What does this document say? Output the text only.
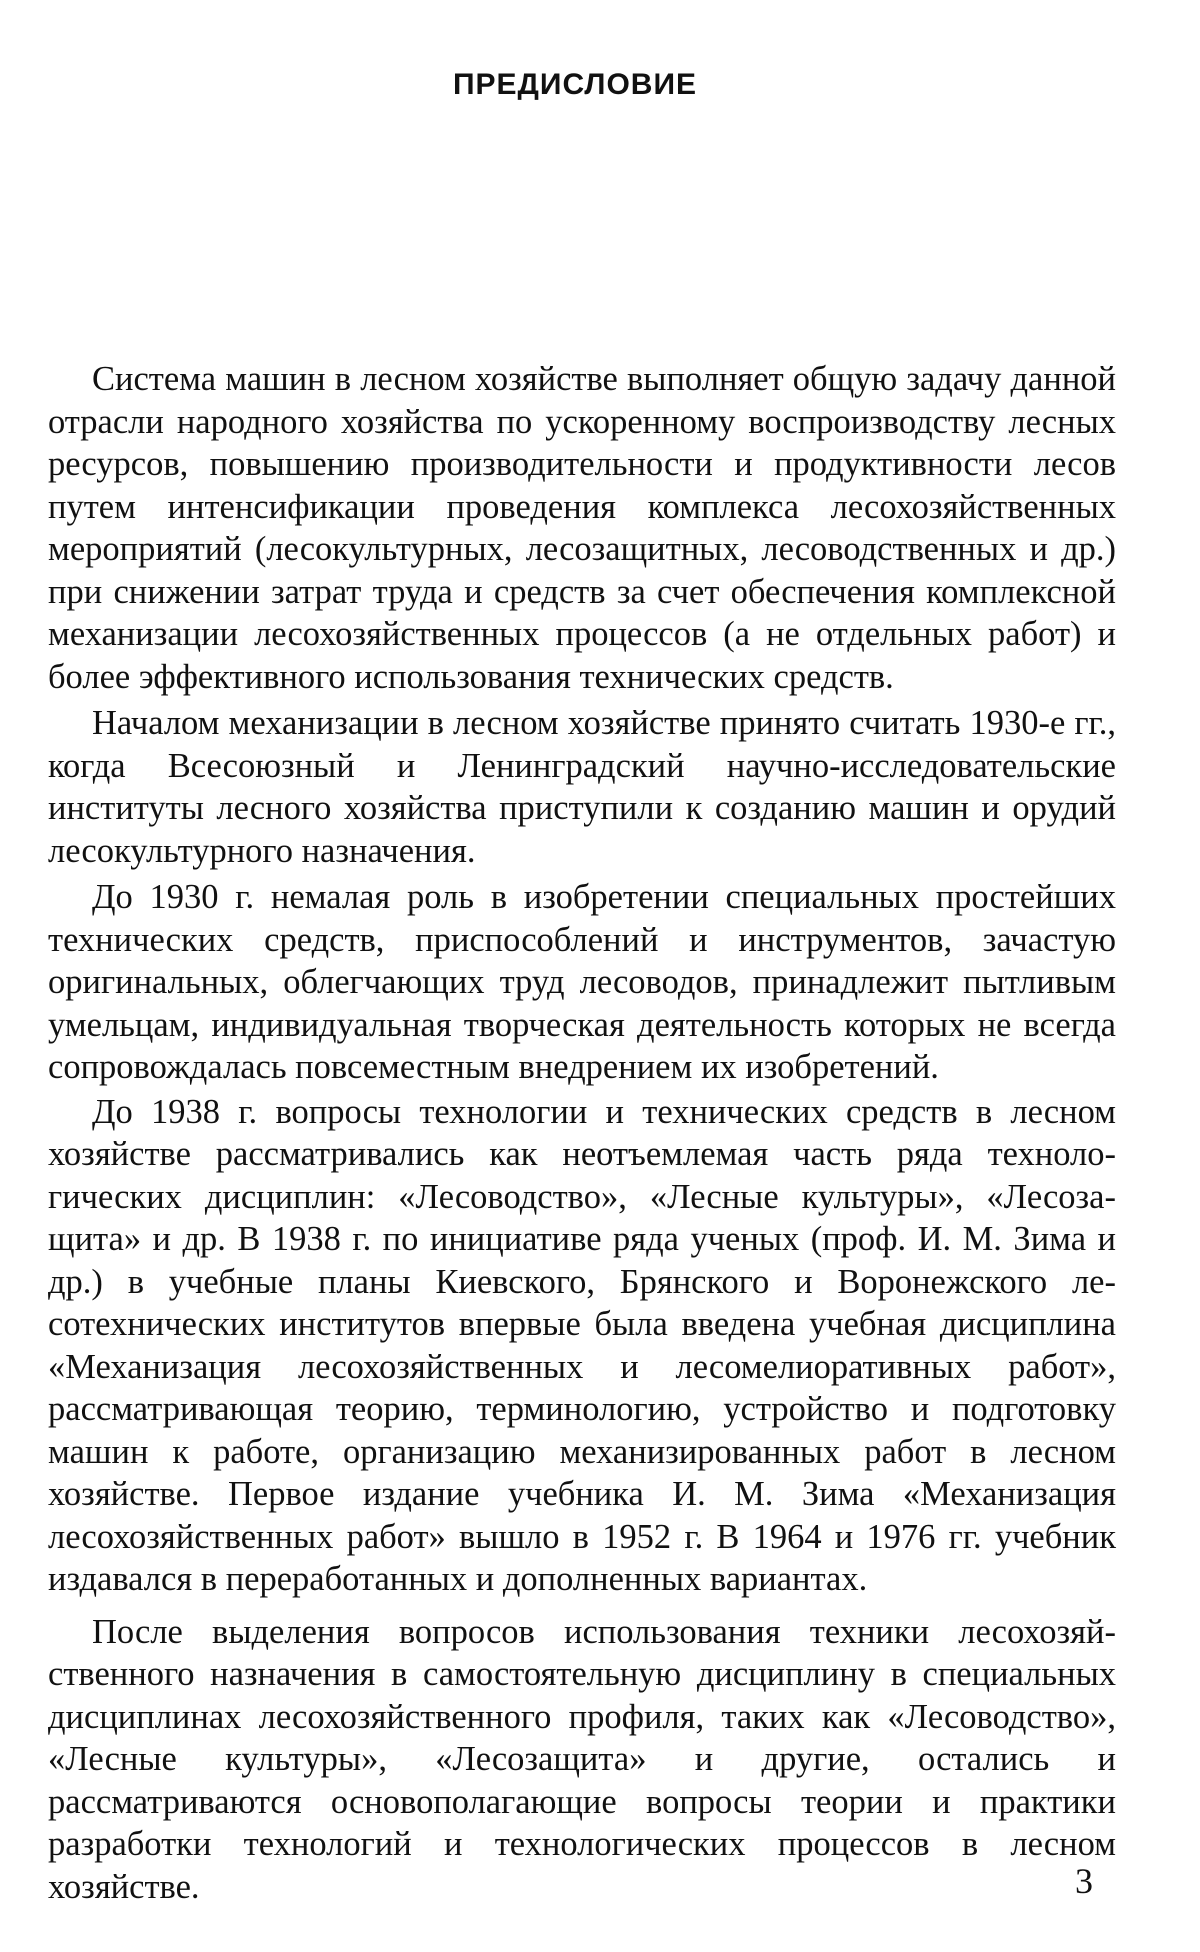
ПРЕДИСЛОВИЕ

Система машин в лесном хозяйстве выполняет общую задачу данной отрасли народного хозяйства по ускоренному воспроизводству лесных ресурсов, повышению производительности и продуктивности лесов путем интенсификации проведения комплекса лесохозяйственных мероприятий (лесокультурных, лесозащитных, лесоводственных и др.) при снижении затрат труда и средств за счет обеспечения комплексной механизации лесохозяйственных процессов (а не отдельных работ) и более эффективного использования технических средств.

Началом механизации в лесном хозяйстве принято считать 1930-е гг., когда Всесоюзный и Ленинградский научно-исследовательские институты лесного хозяйства приступили к созданию машин и орудий лесокультурного назначения.

До 1930 г. немалая роль в изобретении специальных простейших технических средств, приспособлений и инструментов, зачастую оригинальных, облегчающих труд лесоводов, принадлежит пытливым умельцам, индивидуальная творческая деятельность которых не всегда сопровождалась повсеместным внедрением их изобретений.

До 1938 г. вопросы технологии и технических средств в лесном хозяйстве рассматривались как неотъемлемая часть ряда технологических дисциплин: «Лесоводство», «Лесные культуры», «Лесозащита» и др. В 1938 г. по инициативе ряда ученых (проф. И. М. Зима и др.) в учебные планы Киевского, Брянского и Воронежского лесотехнических институтов впервые была введена учебная дисциплина «Механизация лесохозяйственных и лесомелиоративных работ», рассматривающая теорию, терминологию, устройство и подготовку машин к работе, организацию механизированных работ в лесном хозяйстве. Первое издание учебника И. М. Зима «Механизация лесохозяйственных работ» вышло в 1952 г. В 1964 и 1976 гг. учебник издавался в переработанных и дополненных вариантах.

После выделения вопросов использования техники лесохозяйственного назначения в самостоятельную дисциплину в специальных дисциплинах лесохозяйственного профиля, таких как «Лесоводство», «Лесные культуры», «Лесозащита» и другие, остались и рассматриваются основополагающие вопросы теории и практики разработки технологий и технологических процессов в лесном хозяйстве.	3
